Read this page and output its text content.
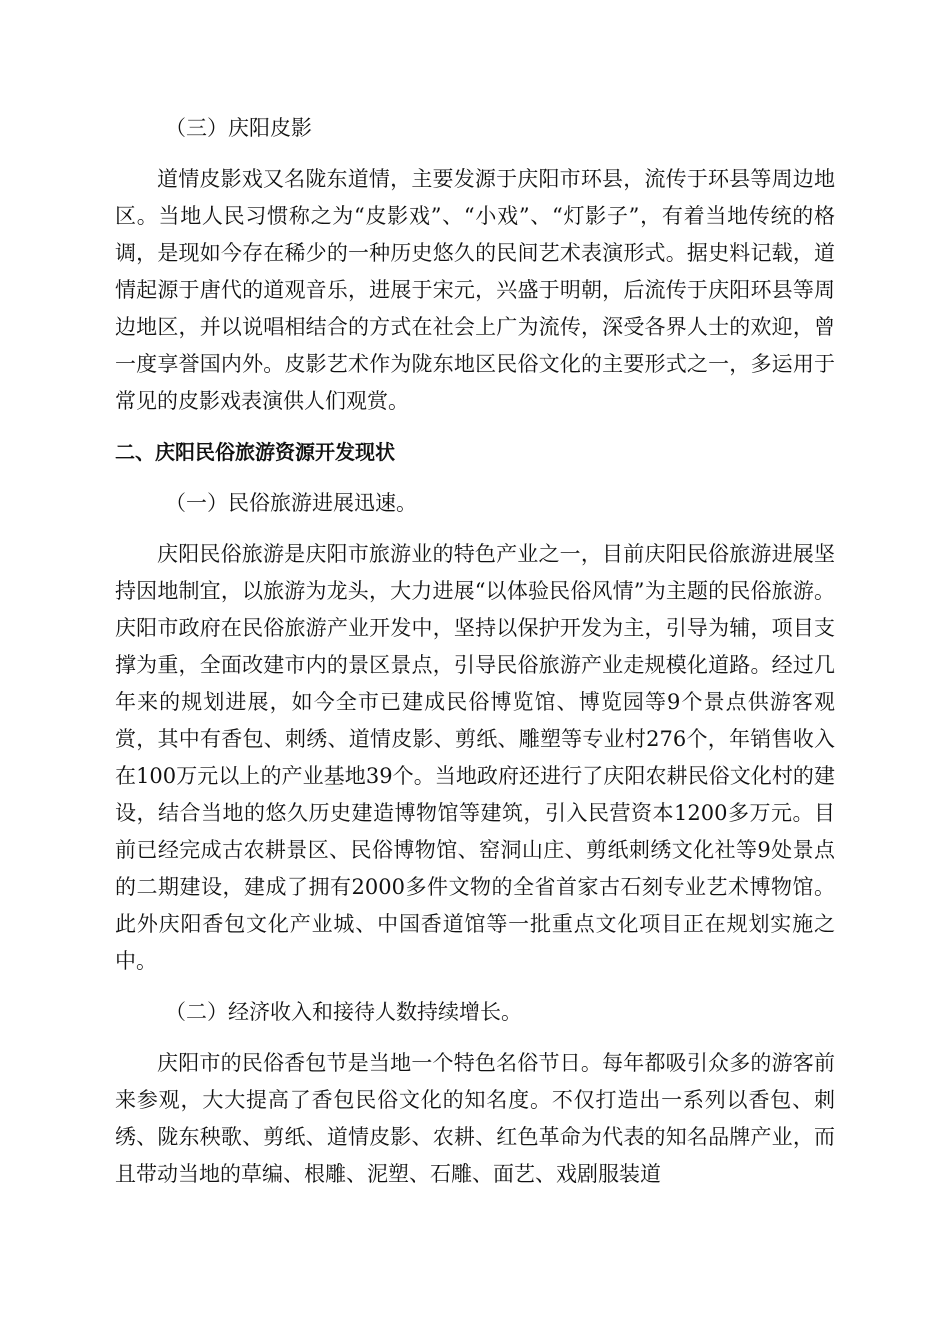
（三）庆阳皮影

道情皮影戏又名陇东道情，主要发源于庆阳市环县，流传于环县等周边地区。当地人民习惯称之为“皮影戏”、“小戏”、“灯影子”，有着当地传统的格调，是现如今存在稀少的一种历史悠久的民间艺术表演形式。据史料记载，道情起源于唐代的道观音乐，进展于宋元，兴盛于明朝，后流传于庆阳环县等周边地区，并以说唱相结合的方式在社会上广为流传，深受各界人士的欢迎，曾一度享誉国内外。皮影艺术作为陇东地区民俗文化的主要形式之一，多运用于常见的皮影戏表演供人们观赏。

二、庆阳民俗旅游资源开发现状

（一）民俗旅游进展迅速。

庆阳民俗旅游是庆阳市旅游业的特色产业之一，目前庆阳民俗旅游进展坚持因地制宜，以旅游为龙头，大力进展“以体验民俗风情”为主题的民俗旅游。庆阳市政府在民俗旅游产业开发中，坚持以保护开发为主，引导为辅，项目支撑为重，全面改建市内的景区景点，引导民俗旅游产业走规模化道路。经过几年来的规划进展，如今全市已建成民俗博览馆、博览园等9个景点供游客观赏，其中有香包、刺绣、道情皮影、剪纸、雕塑等专业村276个，年销售收入在100万元以上的产业基地39个。当地政府还进行了庆阳农耕民俗文化村的建设，结合当地的悠久历史建造博物馆等建筑，引入民营资本1200多万元。目前已经完成古农耕景区、民俗博物馆、窑洞山庄、剪纸刺绣文化社等9处景点的二期建设，建成了拥有2000多件文物的全省首家古石刻专业艺术博物馆。此外庆阳香包文化产业城、中国香道馆等一批重点文化项目正在规划实施之中。

（二）经济收入和接待人数持续增长。

庆阳市的民俗香包节是当地一个特色名俗节日。每年都吸引众多的游客前来参观，大大提高了香包民俗文化的知名度。不仅打造出一系列以香包、刺绣、陇东秧歌、剪纸、道情皮影、农耕、红色革命为代表的知名品牌产业，而且带动当地的草编、根雕、泥塑、石雕、面艺、戏剧服装道
